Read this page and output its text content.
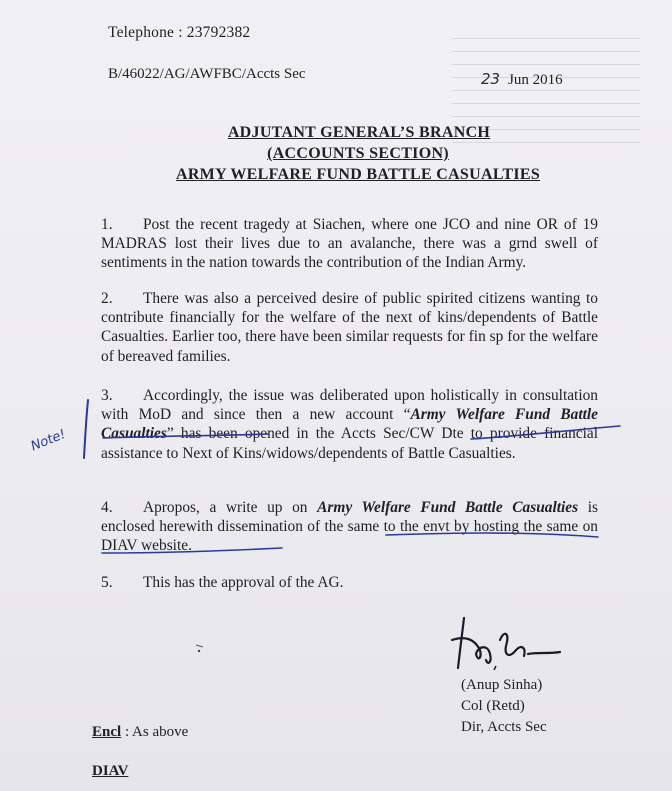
Telephone : 23792382
B/46022/AG/AWFBC/Accts Sec	23 Jun 2016
ADJUTANT GENERAL’S BRANCH
(ACCOUNTS SECTION)
ARMY WELFARE FUND BATTLE CASUALTIES
1. Post the recent tragedy at Siachen, where one JCO and nine OR of 19 MADRAS lost their lives due to an avalanche, there was a grnd swell of sentiments in the nation towards the contribution of the Indian Army.
2. There was also a perceived desire of public spirited citizens wanting to contribute financially for the welfare of the next of kins/dependents of Battle Casualties. Earlier too, there have been similar requests for fin sp for the welfare of bereaved families.
3. Accordingly, the issue was deliberated upon holistically in consultation with MoD and since then a new account “Army Welfare Fund Battle Casualties” has been opened in the Accts Sec/CW Dte to provide financial assistance to Next of Kins/widows/dependents of Battle Casualties.
4. Apropos, a write up on Army Welfare Fund Battle Casualties is enclosed herewith dissemination of the same to the envt by hosting the same on DIAV website.
5. This has the approval of the AG.
(Anup Sinha)
Col (Retd)
Dir, Accts Sec
Encl : As above
DIAV
Note!
